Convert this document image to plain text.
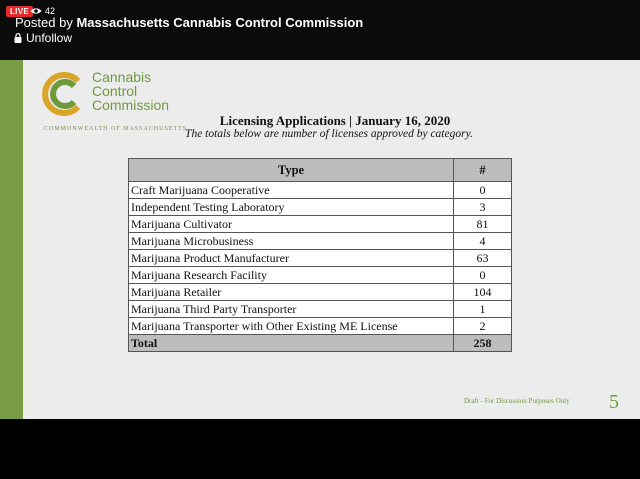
LIVE	42
Posted by Massachusetts Cannabis Control Commission
Unfollow
Cannabis
Control
Commission
COMMONWEALTH OF MASSACHUSETTS
Licensing Applications | January 16, 2020
The totals below are number of licenses approved by category.
Type	#
Craft Marijuana Cooperative	0
Independent Testing Laboratory	3
Marijuana Cultivator	81
Marijuana Microbusiness	4
Marijuana Product Manufacturer	63
Marijuana Research Facility	0
Marijuana Retailer	104
Marijuana Third Party Transporter	1
Marijuana Transporter with Other Existing ME License	2
Total	258
Draft - For Discussion Purposes Only 5
